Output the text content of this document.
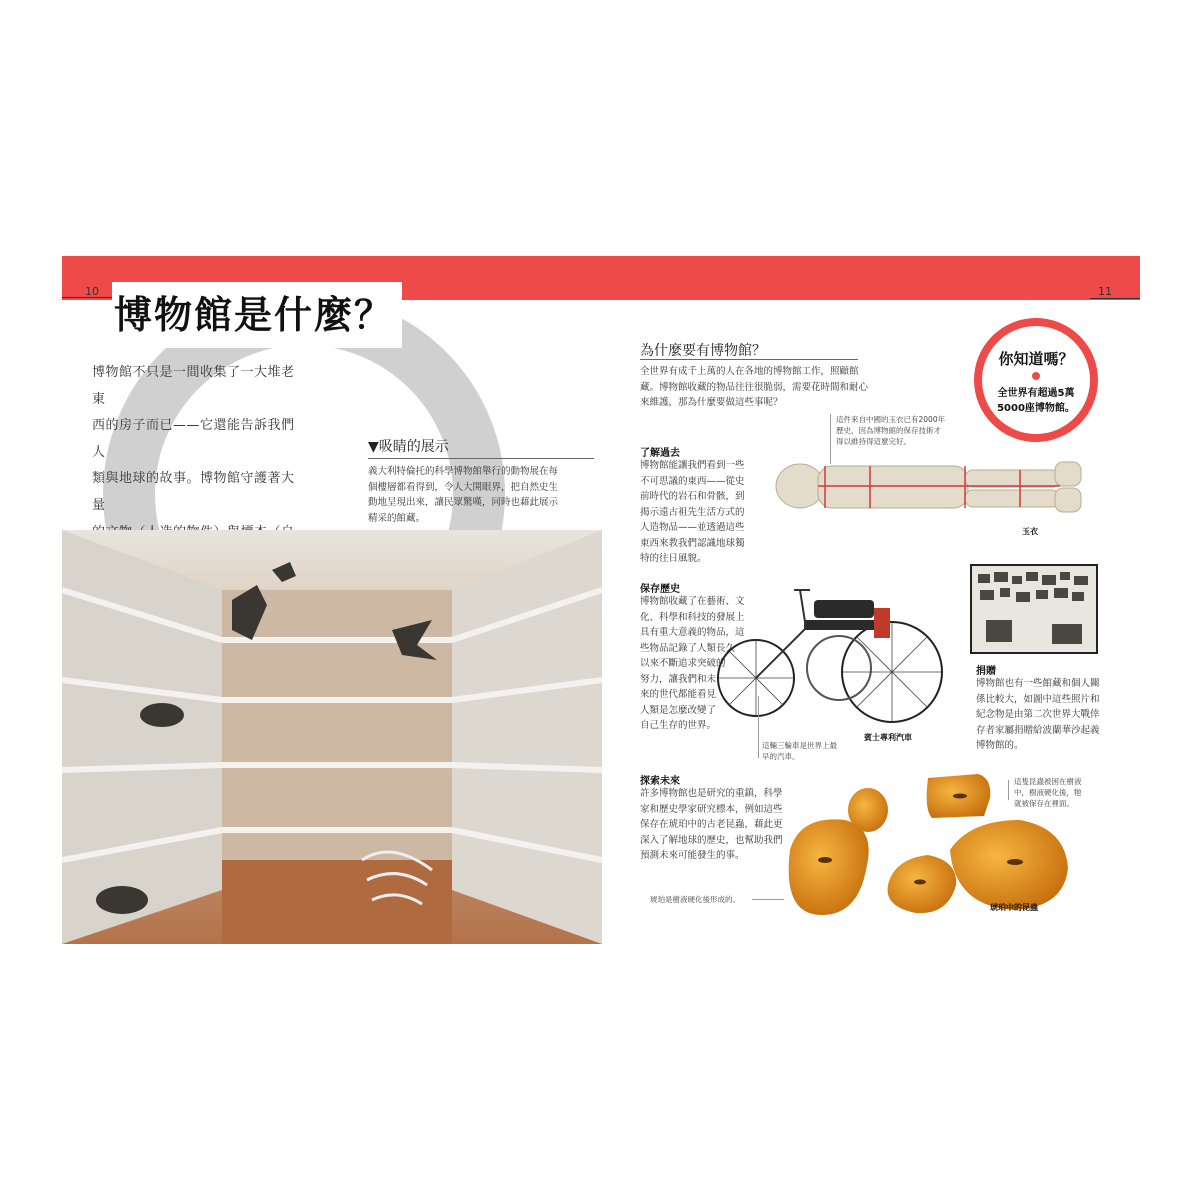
10	11
博物館是什麼？
博物館不只是一間收集了一大堆老東
西的房子而已——它還能告訴我們人
類與地球的故事。博物館守護著大量
▼吸睛的展示
義大利特倫托的科學博物館舉行的動物展在每
個樓層都看得到，令人大開眼界，把自然史生
動地呈現出來，讓民眾驚嘆，同時也藉此展示
精采的館藏。
為什麼要有博物館？
全世界有成千上萬的人在各地的博物館工作，照顧館
藏。博物館收藏的物品往往很脆弱，需要花時間和耐心
來維護，那為什麼要做這些事呢？
你知道嗎？
全世界有超過5萬
5000座博物館。
這件來自中國的玉衣已有2000年
歷史，因為博物館的保存技術才
得以維持得這麼完好。
了解過去
博物館能讓我們看到一些
不可思議的東西——從史
前時代的岩石和骨骸，到
揭示遠古祖先生活方式的
人造物品——並透過這些
東西來教我們認識地球獨
特的往日風貌。
玉衣
捐贈
博物館也有一些館藏和個人關
係比較大，如圖中這些照片和
紀念物是由第二次世界大戰倖
存者家屬捐贈給波蘭華沙起義
博物館的。
保存歷史
博物館收藏了在藝術、文
化、科學和科技的發展上
具有重大意義的物品，這
些物品記錄了人類長久
以來不斷追求突破的
努力，讓我們和未
來的世代都能看見
人類是怎麼改變了
自己生存的世界。
這輛三輪車是世界上最
早的汽車。
賓士專利汽車
探索未來
許多博物館也是研究的重鎮，科學
家和歷史學家研究標本，例如這些
保存在琥珀中的古老昆蟲，藉此更
深入了解地球的歷史，也幫助我們
預測未來可能發生的事。
這隻昆蟲被困在樹液
中，樹液硬化後，牠
就被保存在裡面。
琥珀是樹液硬化後形成的。
琥珀中的昆蟲
